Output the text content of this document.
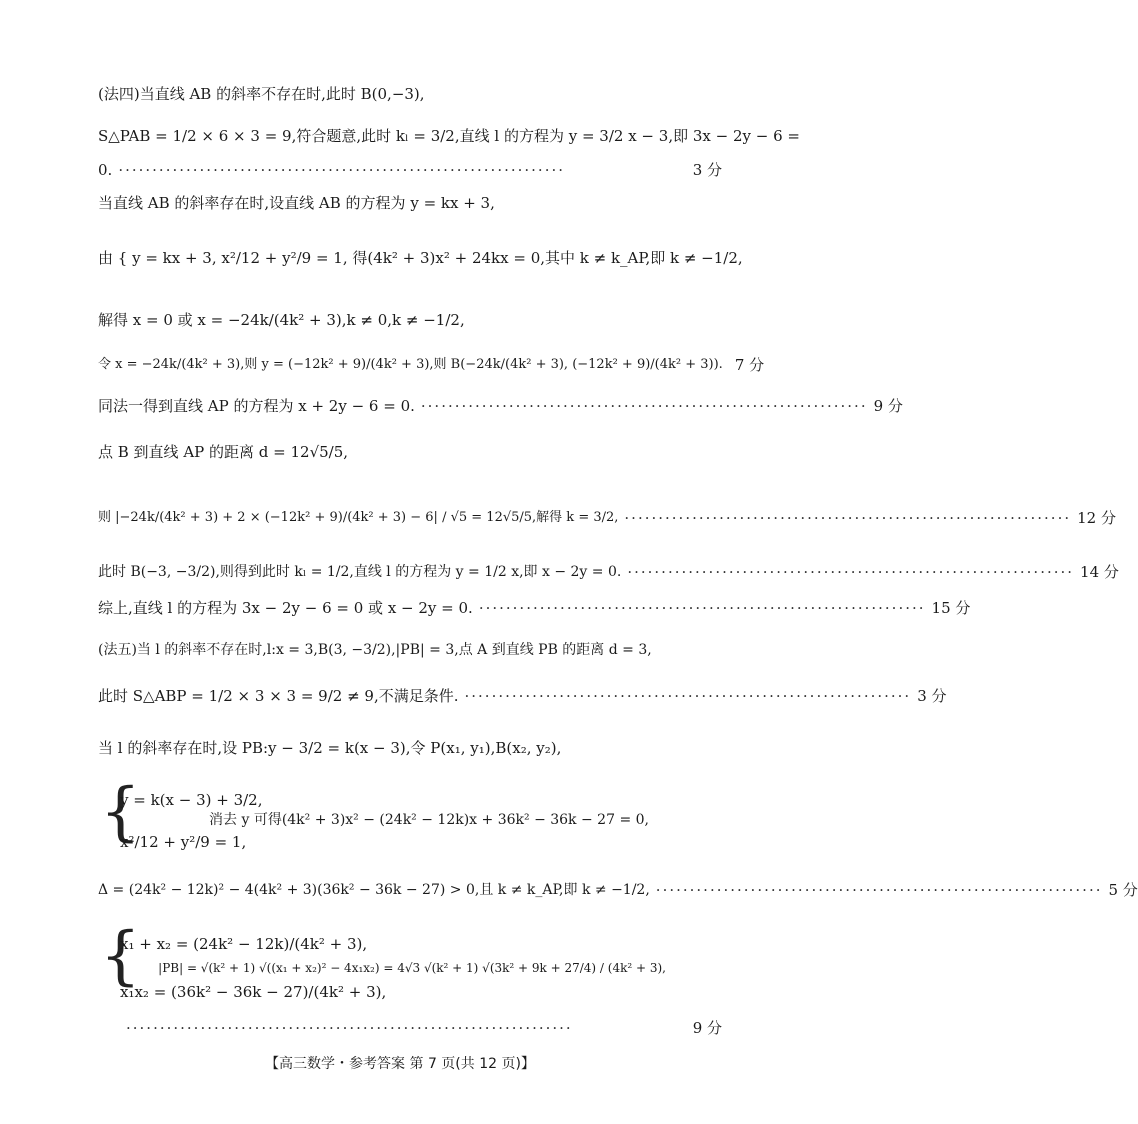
(法四)当直线 AB 的斜率不存在时,此时 B(0,−3),
S△PAB = 1/2 × 6 × 3 = 9,符合题意,此时 kₗ = 3/2,直线 l 的方程为 y = 3/2 x − 3,即 3x − 2y − 6 =
0. ··································································	3 分
当直线 AB 的斜率存在时,设直线 AB 的方程为 y = kx + 3,
由 { y = kx + 3, x²/12 + y²/9 = 1, 得(4k² + 3)x² + 24kx = 0,其中 k ≠ k_AP,即 k ≠ −1/2,
解得 x = 0 或 x = −24k/(4k² + 3),k ≠ 0,k ≠ −1/2,
令 x = −24k/(4k² + 3),则 y = (−12k² + 9)/(4k² + 3),则 B(−24k/(4k² + 3), (−12k² + 9)/(4k² + 3)). 7 分
同法一得到直线 AP 的方程为 x + 2y − 6 = 0. ·································································· 9 分
点 B 到直线 AP 的距离 d = 12√5/5,
则 |−24k/(4k² + 3) + 2 × (−12k² + 9)/(4k² + 3) − 6| / √5 = 12√5/5,解得 k = 3/2, ·································································· 12 分
此时 B(−3, −3/2),则得到此时 kₗ = 1/2,直线 l 的方程为 y = 1/2 x,即 x − 2y = 0. ·································································· 14 分
综上,直线 l 的方程为 3x − 2y − 6 = 0 或 x − 2y = 0. ·································································· 15 分
(法五)当 l 的斜率不存在时,l:x = 3,B(3, −3/2),|PB| = 3,点 A 到直线 PB 的距离 d = 3,
此时 S△ABP = 1/2 × 3 × 3 = 9/2 ≠ 9,不满足条件. ·································································· 3 分
当 l 的斜率存在时,设 PB:y − 3/2 = k(x − 3),令 P(x₁, y₁),B(x₂, y₂),
{
y = k(x − 3) + 3/2,
消去 y 可得(4k² + 3)x² − (24k² − 12k)x + 36k² − 36k − 27 = 0,
x²/12 + y²/9 = 1,
Δ = (24k² − 12k)² − 4(4k² + 3)(36k² − 36k − 27) > 0,且 k ≠ k_AP,即 k ≠ −1/2, ·································································· 5 分
{
x₁ + x₂ = (24k² − 12k)/(4k² + 3),
|PB| = √(k² + 1) √((x₁ + x₂)² − 4x₁x₂) = 4√3 √(k² + 1) √(3k² + 9k + 27/4) / (4k² + 3),
x₁x₂ = (36k² − 36k − 27)/(4k² + 3),
··································································	9 分
【高三数学・参考答案 第 7 页(共 12 页)】
